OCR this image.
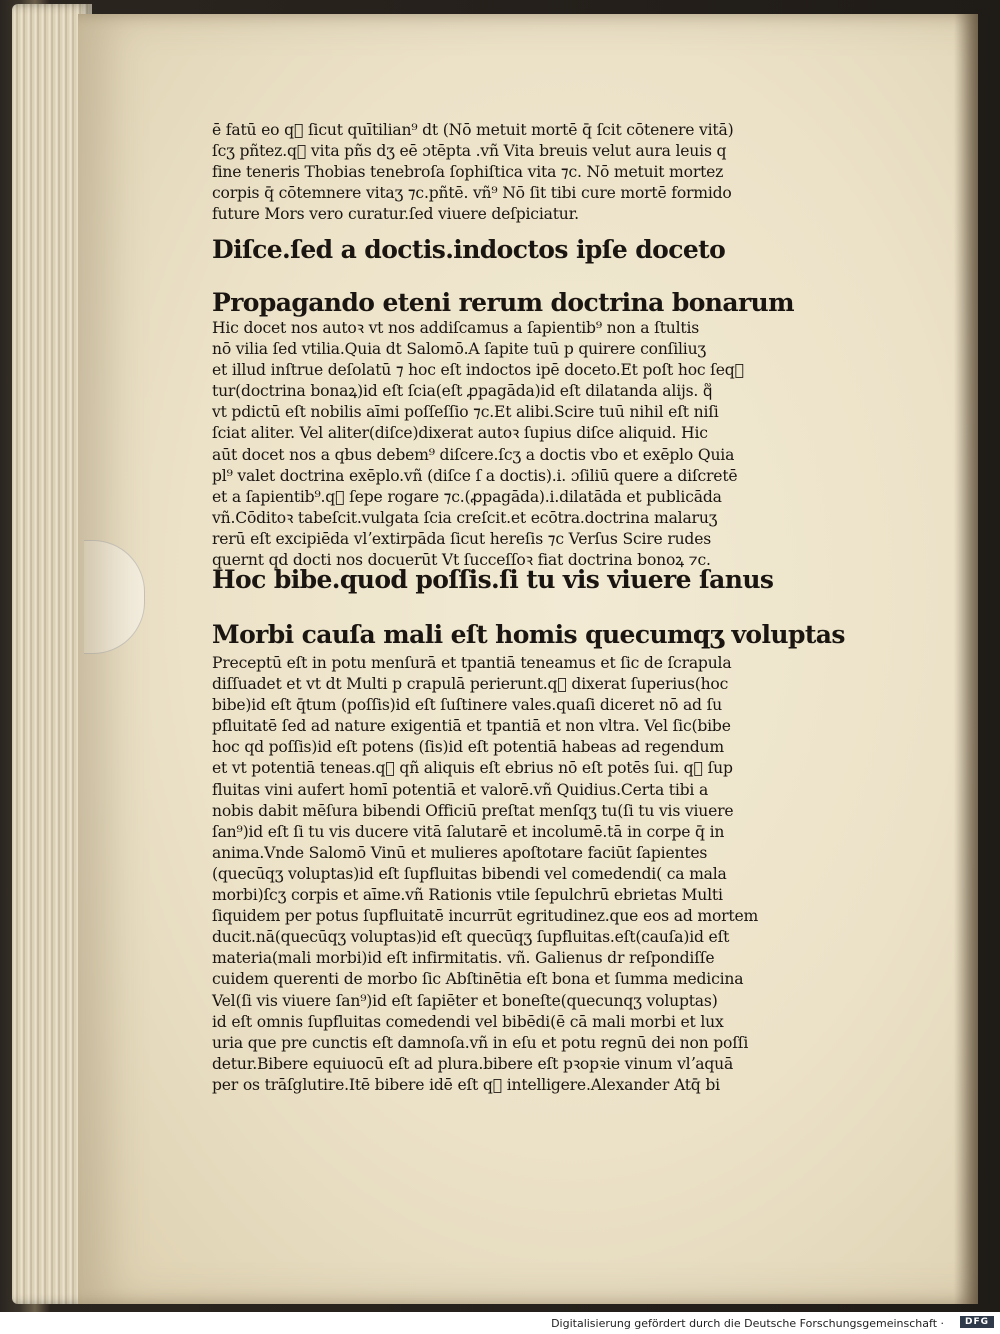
ē fatū eo q᷑ ſicut quītilian⁹ dt (Nō metuit mortē q̄ ſcit cōtenere vitā)
ſcʒ pñtez.q᷑ vita pñs dʒ eē ɔtēpta .vñ Vita breuis velut aura leuis q
fine teneris Thobias tenebroſa ſophiſtica vita ⁊c. Nō metuit mortez
corpis q̄ cōtemnere vitaʒ ⁊c.pñtē. vñ⁹ Nō ſit tibi cure mortē formido
future Mors vero curatur.ſed viuere deſpiciatur.
Diſce.ſed a doctis.indoctos ipſe doceto
Propagando eteni rerum doctrina bonarum
Hic docet nos autoꝛ vt nos addiſcamus a ſapientib⁹ non a ſtultis
nō vilia ſed vtilia.Quia dt Salomō.A ſapite tuū p quirere conſiliuʒ
et illud inſtrue deſolatū ⁊ hoc eſt indoctos ipē doceto.Et poſt hoc ſeq᷑
tur(doctrina bonaꝝ)id eſt ſcia(eſt ꝓpagāda)id eſt dilatanda alijs. q᷑
vt pdictū eſt nobilis aīmi poſſeſſio ⁊c.Et alibi.Scire tuū nihil eſt niſi
ſciat aliter. Vel aliter(diſce)dixerat autoꝛ ſupius diſce aliquid. Hic
aūt docet nos a qbus debem⁹ diſcere.ſcʒ a doctis vbo et exēplo Quia
pl⁹ valet doctrina exēplo.vñ (diſce ſ a doctis).i. ɔſiliū quere a diſcretē
et a ſapientib⁹.q᷑ ſepe rogare ⁊c.(ꝓpagāda).i.dilatāda et publicāda
vñ.Cōditoꝛ tabeſcit.vulgata ſcia creſcit.et ecōtra.doctrina malaruʒ
rerū eſt excipiēda vlʼextirpāda ſicut hereſis ⁊c Verſus Scire rudes
quernt qd docti nos docuerūt Vt ſucceſſoꝛ fiat doctrina bonoꝝ ⁊c.
Hoc bibe.quod poſſis.ſi tu vis viuere ſanus
Morbi cauſa mali eſt homis quecumqʒ voluptas
Preceptū eſt in potu menſurā et tpantiā teneamus et ſic de ſcrapula
diſſuadet et vt dt Multi p crapulā perierunt.q᷑ dixerat ſuperius(hoc
bibe)id eſt q̄tum (poſſis)id eſt ſuſtinere vales.quaſi diceret nō ad ſu
pfluitatē ſed ad nature exigentiā et tpantiā et non vltra. Vel ſic(bibe
hoc qd poſſis)id eſt potens (ſis)id eſt potentiā habeas ad regendum
et vt potentiā teneas.q᷑ qñ aliquis eſt ebrius nō eſt potēs ſui. q᷑ ſup
fluitas vini aufert homī potentiā et valorē.vñ Quidius.Certa tibi a
nobis dabit mēſura bibendi Officiū preſtat menſqʒ tu(ſi tu vis viuere
ſan⁹)id eſt ſi tu vis ducere vitā ſalutarē et incolumē.tā in corpe q̄ in
anima.Vnde Salomō Vinū et mulieres apoſtotare faciūt ſapientes
(quecūqʒ voluptas)id eſt ſupfluitas bibendi vel comedendi( ca mala
morbi)ſcʒ corpis et aīme.vñ Rationis vtile ſepulchrū ebrietas Multi
ſiquidem per potus ſupfluitatē incurrūt egritudinez.que eos ad mortem
ducit.nā(quecūqʒ voluptas)id eſt quecūqʒ ſupfluitas.eſt(cauſa)id eſt
materia(mali morbi)id eſt infirmitatis. vñ. Galienus dr reſpondiſſe
cuidem querenti de morbo ſic Abſtinētia eſt bona et ſumma medicina
Vel(ſi vis viuere ſan⁹)id eſt ſapiēter et boneſte(quecunqʒ voluptas)
id eſt omnis ſupfluitas comedendi vel bibēdi(ē cā mali morbi et lux
uria que pre cunctis eſt damnoſa.vñ in eſu et potu regnū dei non poſſi
detur.Bibere equiuocū eſt ad plura.bibere eſt pꝛopꝛie vinum vlʼaquā
per os trāſglutire.Itē bibere idē eſt q᷑ intelligere.Alexander Atq̄ bi
Digitalisierung gefördert durch die Deutsche Forschungsgemeinschaft ·	DFG
